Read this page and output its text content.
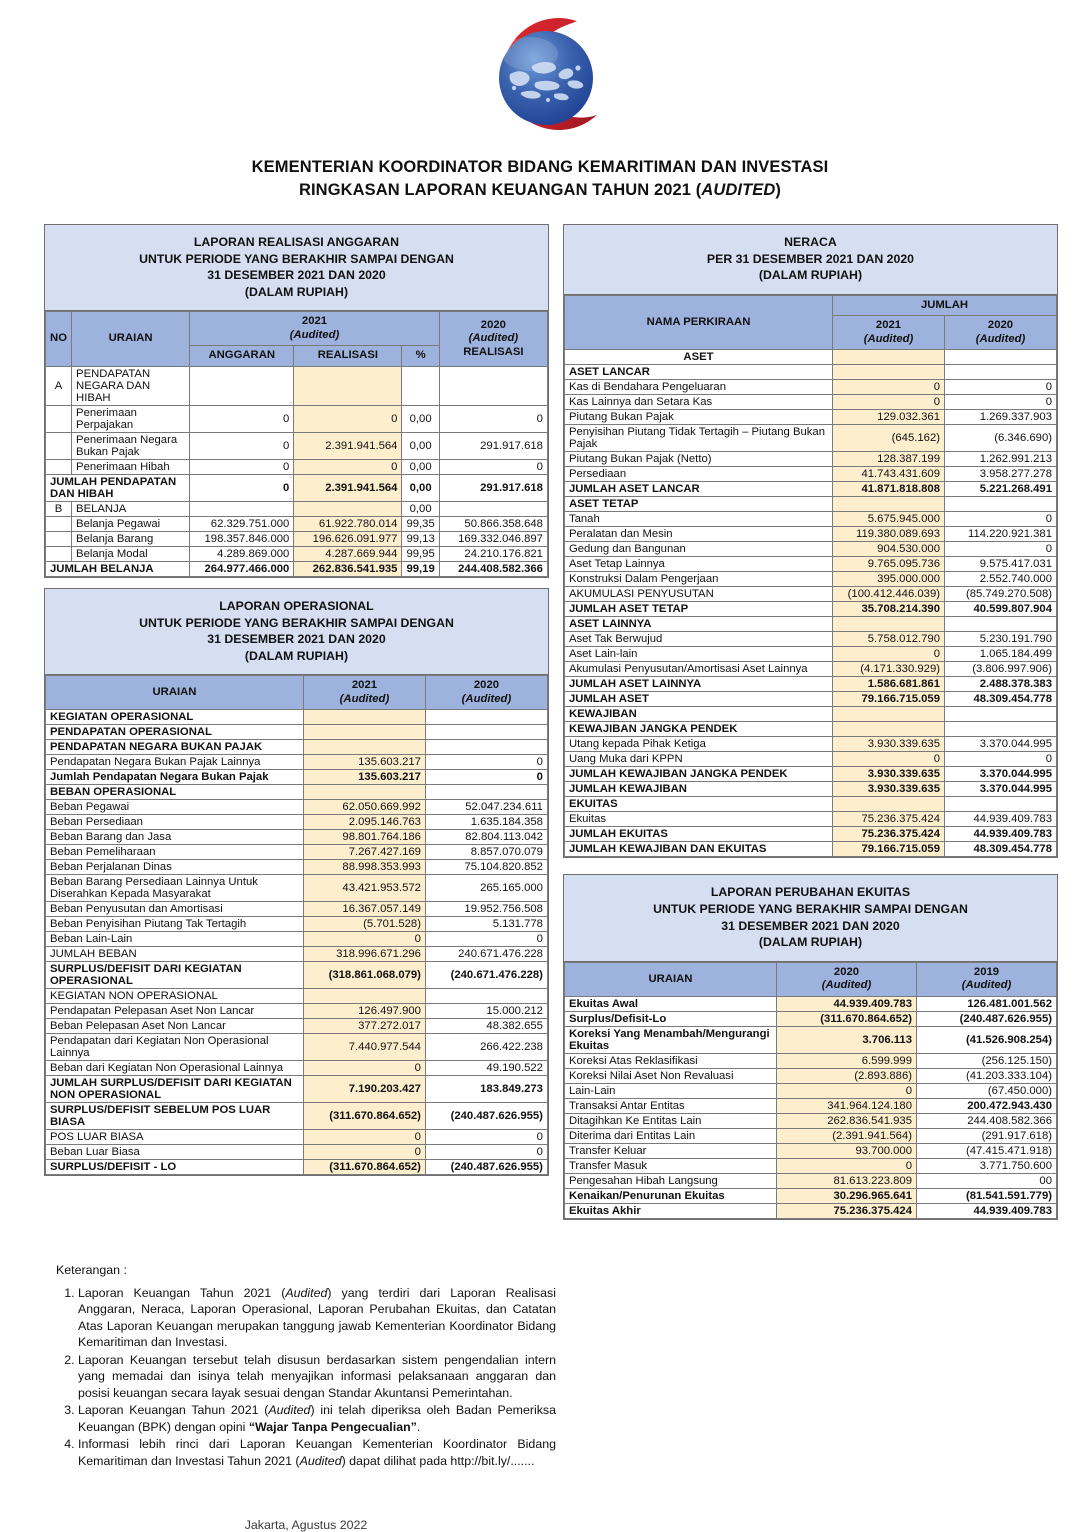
KEMENTERIAN KOORDINATOR BIDANG KEMARITIMAN DAN INVESTASI
RINGKASAN LAPORAN KEUANGAN TAHUN 2021 (AUDITED)
LAPORAN REALISASI ANGGARAN
UNTUK PERIODE YANG BERAKHIR SAMPAI DENGAN
31 DESEMBER 2021 DAN 2020
(DALAM RUPIAH)
NO	URAIAN	2021
(Audited)			2020
(Audited)
REALISASI
		ANGGARAN	REALISASI	%	
A	PENDAPATAN NEGARA DAN HIBAH				
	Penerimaan Perpajakan	0	0	0,00	0
	Penerimaan Negara Bukan Pajak	0	2.391.941.564	0,00	291.917.618
	Penerimaan Hibah	0	0	0,00	0
JUMLAH PENDAPATAN DAN HIBAH		0	2.391.941.564	0,00	291.917.618
B	BELANJA			0,00	
	Belanja Pegawai	62.329.751.000	61.922.780.014	99,35	50.866.358.648
	Belanja Barang	198.357.846.000	196.626.091.977	99,13	169.332.046.897
	Belanja Modal	4.289.869.000	4.287.669.944	99,95	24.210.176.821
JUMLAH BELANJA		264.977.466.000	262.836.541.935	99,19	244.408.582.366
LAPORAN OPERASIONAL
UNTUK PERIODE YANG BERAKHIR SAMPAI DENGAN
31 DESEMBER 2021 DAN 2020
(DALAM RUPIAH)
URAIAN	2021
(Audited)	2020
(Audited)
KEGIATAN OPERASIONAL		
PENDAPATAN OPERASIONAL		
PENDAPATAN NEGARA BUKAN PAJAK		
Pendapatan Negara Bukan Pajak Lainnya	135.603.217	0
Jumlah Pendapatan Negara Bukan Pajak	135.603.217	0
BEBAN OPERASIONAL		
Beban Pegawai	62.050.669.992	52.047.234.611
Beban Persediaan	2.095.146.763	1.635.184.358
Beban Barang dan Jasa	98.801.764.186	82.804.113.042
Beban Pemeliharaan	7.267.427.169	8.857.070.079
Beban Perjalanan Dinas	88.998.353.993	75.104.820.852
Beban Barang Persediaan Lainnya Untuk Diserahkan Kepada Masyarakat	43.421.953.572	265.165.000
Beban Penyusutan dan Amortisasi	16.367.057.149	19.952.756.508
Beban Penyisihan Piutang Tak Tertagih	(5.701.528)	5.131.778
Beban Lain-Lain	0	0
JUMLAH BEBAN	318.996.671.296	240.671.476.228
SURPLUS/DEFISIT DARI KEGIATAN OPERASIONAL	(318.861.068.079)	(240.671.476.228)
KEGIATAN NON OPERASIONAL		
Pendapatan Pelepasan Aset Non Lancar	126.497.900	15.000.212
Beban Pelepasan Aset Non Lancar	377.272.017	48.382.655
Pendapatan dari Kegiatan Non Operasional Lainnya	7.440.977.544	266.422.238
Beban dari Kegiatan Non Operasional Lainnya	0	49.190.522
JUMLAH SURPLUS/DEFISIT DARI KEGIATAN NON OPERASIONAL	7.190.203.427	183.849.273
SURPLUS/DEFISIT SEBELUM POS LUAR BIASA	(311.670.864.652)	(240.487.626.955)
POS LUAR BIASA	0	0
Beban Luar Biasa	0	0
SURPLUS/DEFISIT - LO	(311.670.864.652)	(240.487.626.955)
NERACA
PER 31 DESEMBER 2021 DAN 2020
(DALAM RUPIAH)
NAMA PERKIRAAN	JUMLAH	
	2021
(Audited)	2020
(Audited)
ASET		
ASET LANCAR		
Kas di Bendahara Pengeluaran	0	0
Kas Lainnya dan Setara Kas	0	0
Piutang Bukan Pajak	129.032.361	1.269.337.903
Penyisihan Piutang Tidak Tertagih – Piutang Bukan Pajak	(645.162)	(6.346.690)
Piutang Bukan Pajak (Netto)	128.387.199	1.262.991.213
Persediaan	41.743.431.609	3.958.277.278
JUMLAH ASET LANCAR	41.871.818.808	5.221.268.491
ASET TETAP		
Tanah	5.675.945.000	0
Peralatan dan Mesin	119.380.089.693	114.220.921.381
Gedung dan Bangunan	904.530.000	0
Aset Tetap Lainnya	9.765.095.736	9.575.417.031
Konstruksi Dalam Pengerjaan	395.000.000	2.552.740.000
AKUMULASI PENYUSUTAN	(100.412.446.039)	(85.749.270.508)
JUMLAH ASET TETAP	35.708.214.390	40.599.807.904
ASET LAINNYA		
Aset Tak Berwujud	5.758.012.790	5.230.191.790
Aset Lain-lain	0	1.065.184.499
Akumulasi Penyusutan/Amortisasi Aset Lainnya	(4.171.330.929)	(3.806.997.906)
JUMLAH ASET LAINNYA	1.586.681.861	2.488.378.383
JUMLAH ASET	79.166.715.059	48.309.454.778
KEWAJIBAN		
KEWAJIBAN JANGKA PENDEK		
Utang kepada Pihak Ketiga	3.930.339.635	3.370.044.995
Uang Muka dari KPPN	0	0
JUMLAH KEWAJIBAN JANGKA PENDEK	3.930.339.635	3.370.044.995
JUMLAH KEWAJIBAN	3.930.339.635	3.370.044.995
EKUITAS		
Ekuitas	75.236.375.424	44.939.409.783
JUMLAH EKUITAS	75.236.375.424	44.939.409.783
JUMLAH KEWAJIBAN DAN EKUITAS	79.166.715.059	48.309.454.778
LAPORAN PERUBAHAN EKUITAS
UNTUK PERIODE YANG BERAKHIR SAMPAI DENGAN
31 DESEMBER 2021 DAN 2020
(DALAM RUPIAH)
URAIAN	2020
(Audited)	2019
(Audited)
Ekuitas Awal	44.939.409.783	126.481.001.562
Surplus/Defisit-Lo	(311.670.864.652)	(240.487.626.955)
Koreksi Yang Menambah/Mengurangi Ekuitas	3.706.113	(41.526.908.254)
Koreksi Atas Reklasifikasi	6.599.999	(256.125.150)
Koreksi Nilai Aset Non Revaluasi	(2.893.886)	(41.203.333.104)
Lain-Lain	0	(67.450.000)
Transaksi Antar Entitas	341.964.124.180	200.472.943.430
Ditagihkan Ke Entitas Lain	262.836.541.935	244.408.582.366
Diterima dari Entitas Lain	(2.391.941.564)	(291.917.618)
Transfer Keluar	93.700.000	(47.415.471.918)
Transfer Masuk	0	3.771.750.600
Pengesahan Hibah Langsung	81.613.223.809	00
Kenaikan/Penurunan Ekuitas	30.296.965.641	(81.541.591.779)
Ekuitas Akhir	75.236.375.424	44.939.409.783
Keterangan :
1. Laporan Keuangan Tahun 2021 (Audited) yang terdiri dari Laporan Realisasi Anggaran, Neraca, Laporan Operasional, Laporan Perubahan Ekuitas, dan Catatan Atas Laporan Keuangan merupakan tanggung jawab Kementerian Koordinator Bidang Kemaritiman dan Investasi.
2. Laporan Keuangan tersebut telah disusun berdasarkan sistem pengendalian intern yang memadai dan isinya telah menyajikan informasi pelaksanaan anggaran dan posisi keuangan secara layak sesuai dengan Standar Akuntansi Pemerintahan.
3. Laporan Keuangan Tahun 2021 (Audited) ini telah diperiksa oleh Badan Pemeriksa Keuangan (BPK) dengan opini “Wajar Tanpa Pengecualian”.
4. Informasi lebih rinci dari Laporan Keuangan Kementerian Koordinator Bidang Kemaritiman dan Investasi Tahun 2021 (Audited) dapat dilihat pada http://bit.ly/.......
Jakarta, Agustus 2022
